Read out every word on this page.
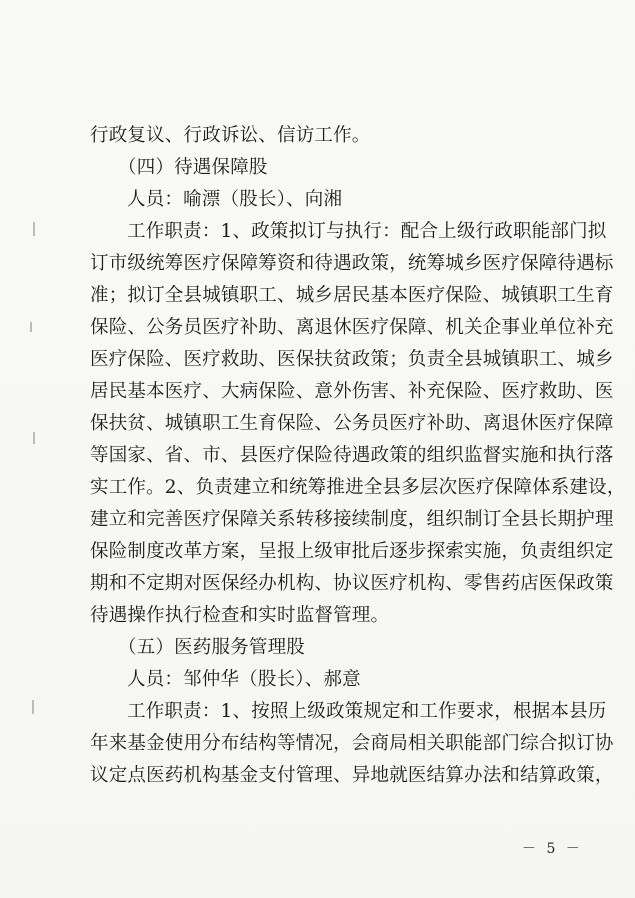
行政复议、行政诉讼、信访工作。
（四）待遇保障股
人员：喻漂（股长）、向湘
工作职责：1、政策拟订与执行：配合上级行政职能部门拟
订市级统筹医疗保障筹资和待遇政策，统筹城乡医疗保障待遇标
准；拟订全县城镇职工、城乡居民基本医疗保险、城镇职工生育
保险、公务员医疗补助、离退休医疗保障、机关企事业单位补充
医疗保险、医疗救助、医保扶贫政策；负责全县城镇职工、城乡
居民基本医疗、大病保险、意外伤害、补充保险、医疗救助、医
保扶贫、城镇职工生育保险、公务员医疗补助、离退休医疗保障
等国家、省、市、县医疗保险待遇政策的组织监督实施和执行落
实工作。2、负责建立和统筹推进全县多层次医疗保障体系建设，
建立和完善医疗保障关系转移接续制度，组织制订全县长期护理
保险制度改革方案，呈报上级审批后逐步探索实施，负责组织定
期和不定期对医保经办机构、协议医疗机构、零售药店医保政策
待遇操作执行检查和实时监督管理。
（五）医药服务管理股
人员：邹仲华（股长）、郝意
工作职责：1、按照上级政策规定和工作要求，根据本县历
年来基金使用分布结构等情况，会商局相关职能部门综合拟订协
议定点医药机构基金支付管理、异地就医结算办法和结算政策，
－ 5 －
